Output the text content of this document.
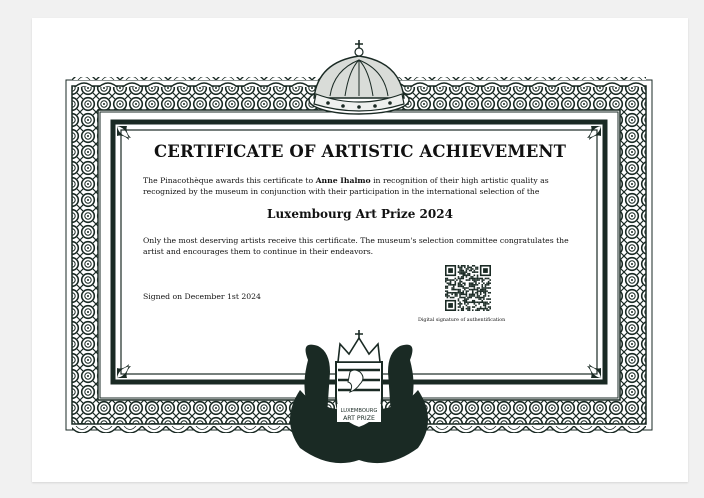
LUXEMBOURG
ART PRIZE
CERTIFICATE OF ARTISTIC ACHIEVEMENT
The Pinacothèque awards this certificate to Anne Ihalmo in recognition of their high artistic quality as recognized by the museum in conjunction with their participation in the international selection of the
Luxembourg Art Prize 2024
Only the most deserving artists receive this certificate. The museum's selection committee congratulates the artist and encourages them to continue in their endeavors.
Signed on December 1st 2024
Digital signature of authentification
